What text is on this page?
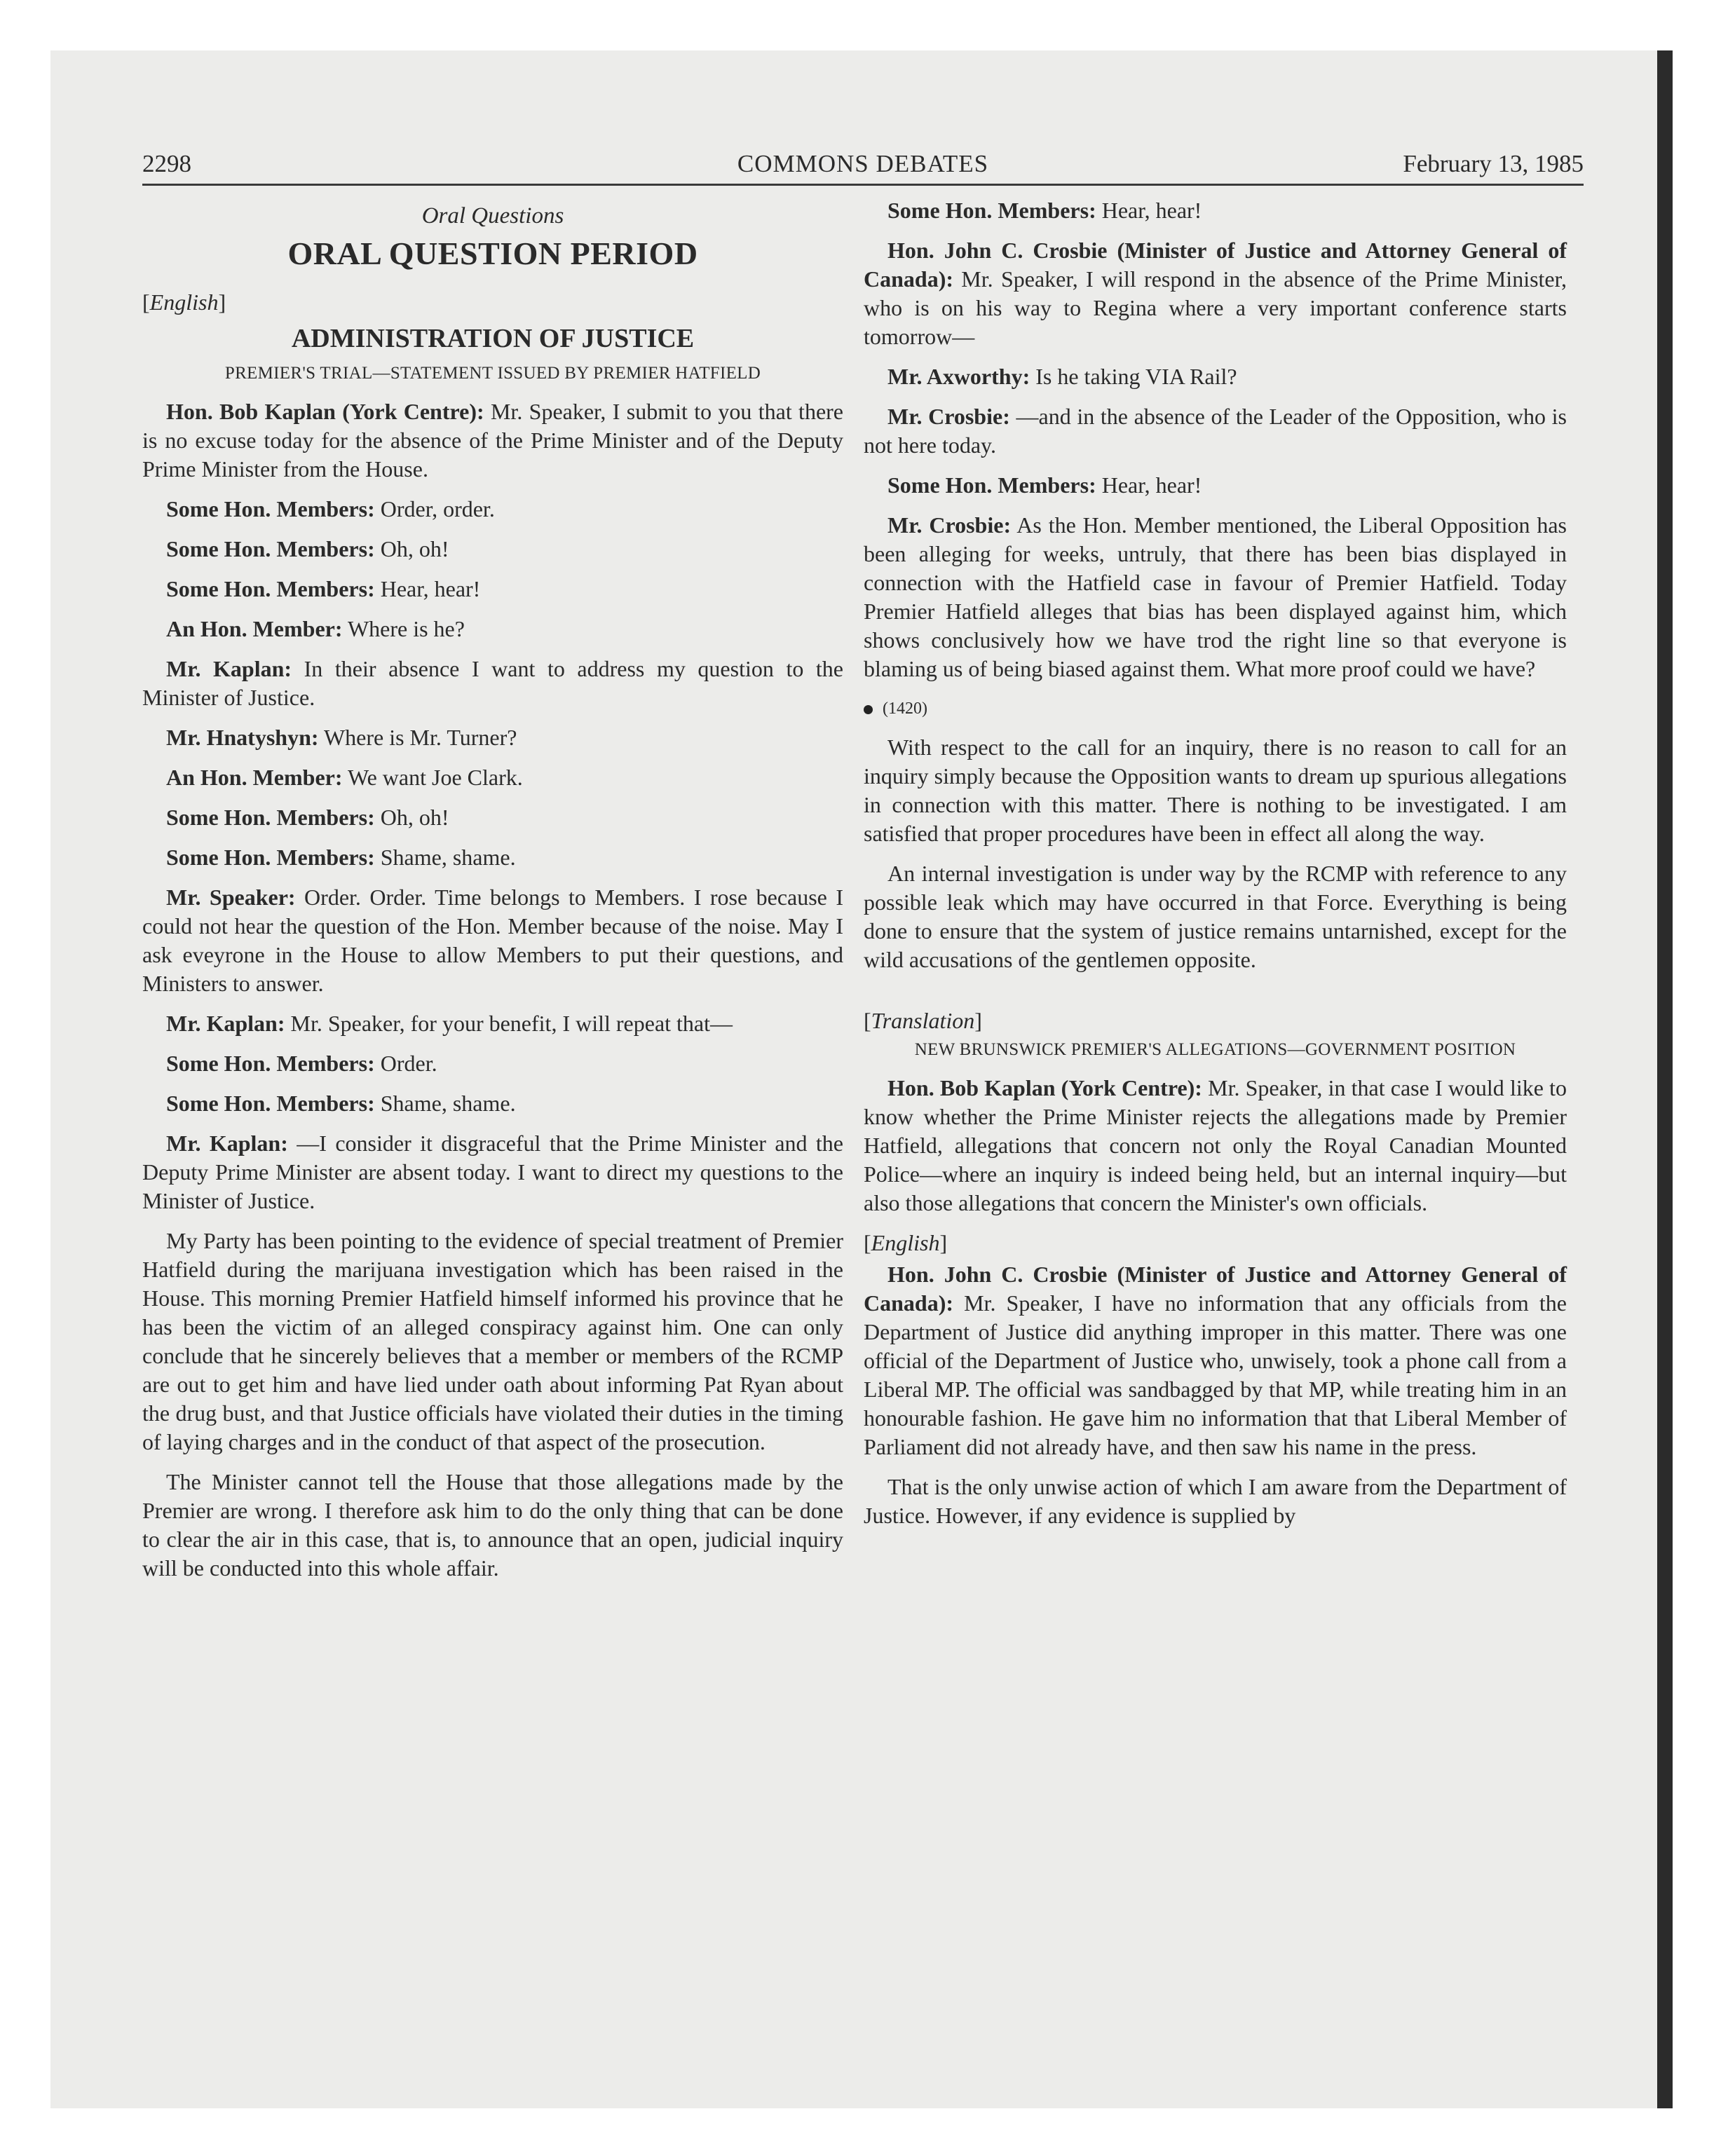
2298	COMMONS DEBATES	February 13, 1985
Oral Questions
ORAL QUESTION PERIOD
[English]
ADMINISTRATION OF JUSTICE
PREMIER'S TRIAL—STATEMENT ISSUED BY PREMIER HATFIELD

Hon. Bob Kaplan (York Centre): Mr. Speaker, I submit to you that there is no excuse today for the absence of the Prime Minister and of the Deputy Prime Minister from the House.

Some Hon. Members: Order, order.

Some Hon. Members: Oh, oh!

Some Hon. Members: Hear, hear!

An Hon. Member: Where is he?

Mr. Kaplan: In their absence I want to address my question to the Minister of Justice.

Mr. Hnatyshyn: Where is Mr. Turner?

An Hon. Member: We want Joe Clark.

Some Hon. Members: Oh, oh!

Some Hon. Members: Shame, shame.

Mr. Speaker: Order. Order. Time belongs to Members. I rose because I could not hear the question of the Hon. Member because of the noise. May I ask eveyrone in the House to allow Members to put their questions, and Ministers to answer.

Mr. Kaplan: Mr. Speaker, for your benefit, I will repeat that—

Some Hon. Members: Order.

Some Hon. Members: Shame, shame.

Mr. Kaplan: —I consider it disgraceful that the Prime Minister and the Deputy Prime Minister are absent today. I want to direct my questions to the Minister of Justice.

My Party has been pointing to the evidence of special treatment of Premier Hatfield during the marijuana investigation which has been raised in the House. This morning Premier Hatfield himself informed his province that he has been the victim of an alleged conspiracy against him. One can only conclude that he sincerely believes that a member or members of the RCMP are out to get him and have lied under oath about informing Pat Ryan about the drug bust, and that Justice officials have violated their duties in the timing of laying charges and in the conduct of that aspect of the prosecution.

The Minister cannot tell the House that those allegations made by the Premier are wrong. I therefore ask him to do the only thing that can be done to clear the air in this case, that is, to announce that an open, judicial inquiry will be conducted into this whole affair.

Some Hon. Members: Hear, hear!

Hon. John C. Crosbie (Minister of Justice and Attorney General of Canada): Mr. Speaker, I will respond in the absence of the Prime Minister, who is on his way to Regina where a very important conference starts tomorrow—

Mr. Axworthy: Is he taking VIA Rail?

Mr. Crosbie: —and in the absence of the Leader of the Opposition, who is not here today.

Some Hon. Members: Hear, hear!

Mr. Crosbie: As the Hon. Member mentioned, the Liberal Opposition has been alleging for weeks, untruly, that there has been bias displayed in connection with the Hatfield case in favour of Premier Hatfield. Today Premier Hatfield alleges that bias has been displayed against him, which shows conclusively how we have trod the right line so that everyone is blaming us of being biased against them. What more proof could we have?

(1420)

With respect to the call for an inquiry, there is no reason to call for an inquiry simply because the Opposition wants to dream up spurious allegations in connection with this matter. There is nothing to be investigated. I am satisfied that proper procedures have been in effect all along the way.

An internal investigation is under way by the RCMP with reference to any possible leak which may have occurred in that Force. Everything is being done to ensure that the system of justice remains untarnished, except for the wild accusations of the gentlemen opposite.

[Translation]
NEW BRUNSWICK PREMIER'S ALLEGATIONS—GOVERNMENT POSITION

Hon. Bob Kaplan (York Centre): Mr. Speaker, in that case I would like to know whether the Prime Minister rejects the allegations made by Premier Hatfield, allegations that concern not only the Royal Canadian Mounted Police—where an inquiry is indeed being held, but an internal inquiry—but also those allegations that concern the Minister's own officials.

[English]

Hon. John C. Crosbie (Minister of Justice and Attorney General of Canada): Mr. Speaker, I have no information that any officials from the Department of Justice did anything improper in this matter. There was one official of the Department of Justice who, unwisely, took a phone call from a Liberal MP. The official was sandbagged by that MP, while treating him in an honourable fashion. He gave him no information that that Liberal Member of Parliament did not already have, and then saw his name in the press.

That is the only unwise action of which I am aware from the Department of Justice. However, if any evidence is supplied by
